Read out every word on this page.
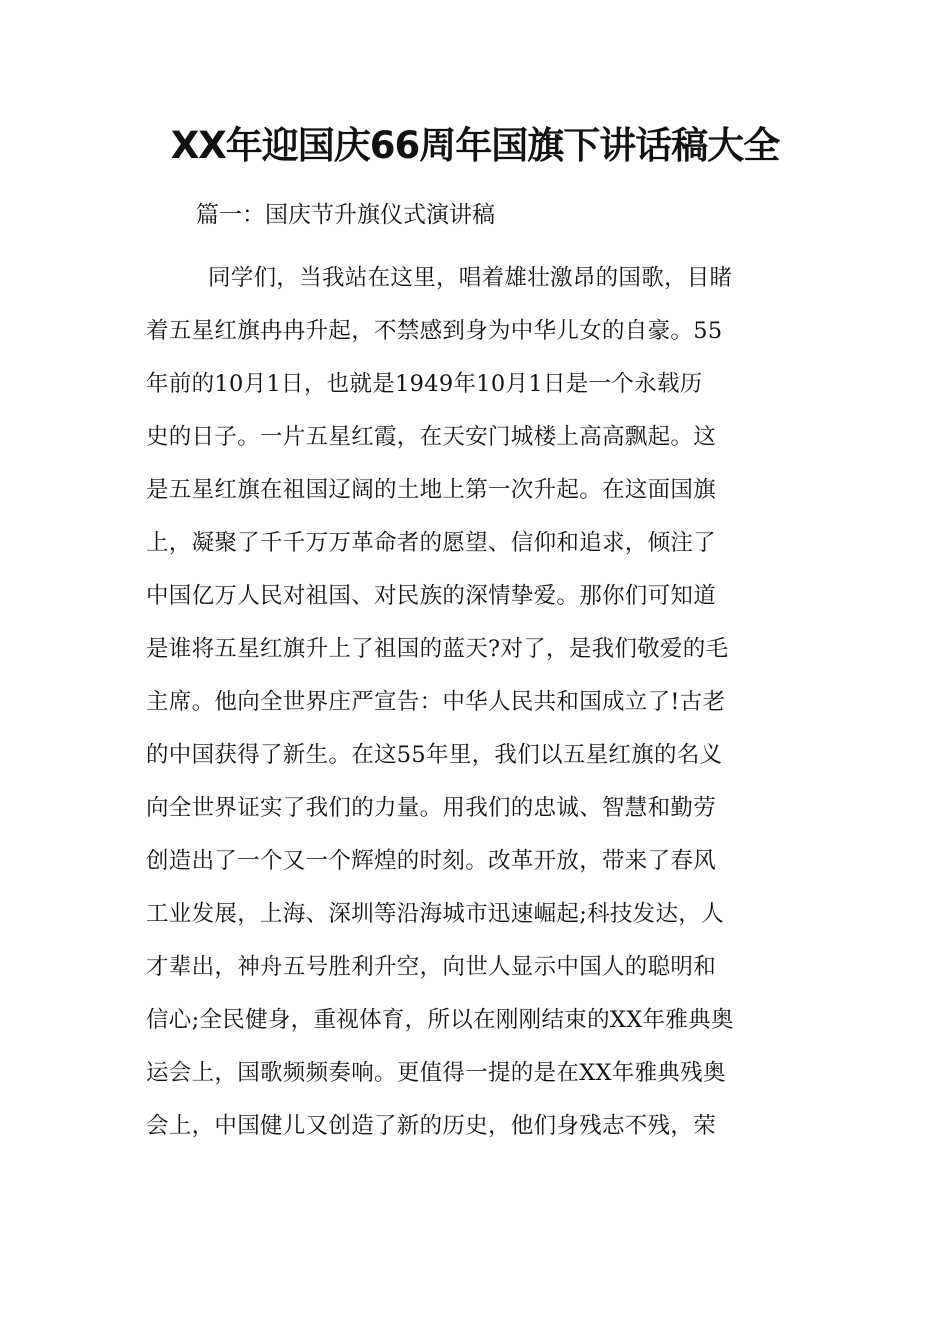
XX年迎国庆66周年国旗下讲话稿大全
篇一：国庆节升旗仪式演讲稿
同学们，当我站在这里，唱着雄壮激昂的国歌，目睹
着五星红旗冉冉升起，不禁感到身为中华儿女的自豪。55
年前的10月1日，也就是1949年10月1日是一个永载历
史的日子。一片五星红霞，在天安门城楼上高高飘起。这
是五星红旗在祖国辽阔的土地上第一次升起。在这面国旗
上，凝聚了千千万万革命者的愿望、信仰和追求，倾注了
中国亿万人民对祖国、对民族的深情挚爱。那你们可知道
是谁将五星红旗升上了祖国的蓝天?对了，是我们敬爱的毛
主席。他向全世界庄严宣告：中华人民共和国成立了!古老
的中国获得了新生。在这55年里，我们以五星红旗的名义
向全世界证实了我们的力量。用我们的忠诚、智慧和勤劳
创造出了一个又一个辉煌的时刻。改革开放，带来了春风
工业发展，上海、深圳等沿海城市迅速崛起;科技发达，人
才辈出，神舟五号胜利升空，向世人显示中国人的聪明和
信心;全民健身，重视体育，所以在刚刚结束的XX年雅典奥
运会上，国歌频频奏响。更值得一提的是在XX年雅典残奥
会上，中国健儿又创造了新的历史，他们身残志不残，荣
